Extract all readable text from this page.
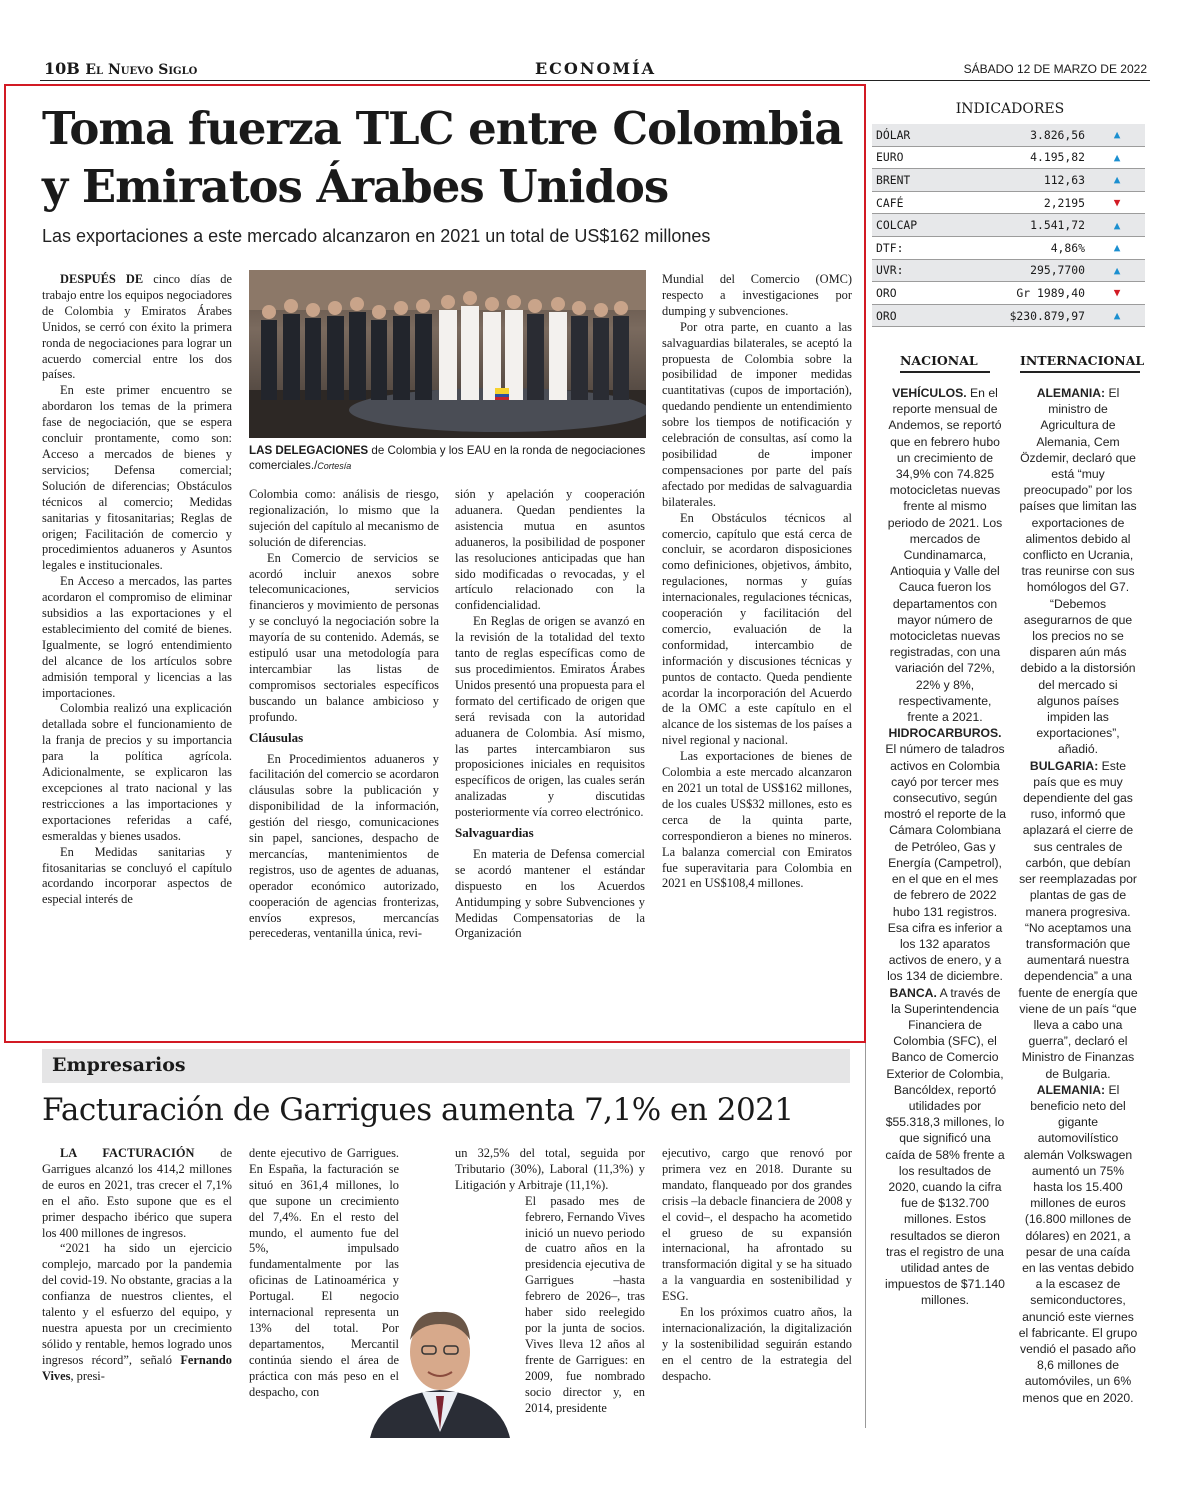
10B El Nuevo Siglo	ECONOMÍA	SÁBADO 12 DE MARZO DE 2022
Toma fuerza TLC entre Colombia
y Emiratos Árabes Unidos
Las exportaciones a este mercado alcanzaron en 2021 un total de US$162 millones

DESPUÉS DE cinco días de trabajo entre los equipos negociadores de Colombia y Emiratos Árabes Unidos, se cerró con éxito la primera ronda de negociaciones para lograr un acuerdo comercial entre los dos países.

En este primer encuentro se abordaron los temas de la primera fase de negociación, que se espera concluir prontamente, como son: Acceso a mercados de bienes y servicios; Defensa comercial; Solución de diferencias; Obstáculos técnicos al comercio; Medidas sanitarias y fitosanitarias; Reglas de origen; Facilitación de comercio y procedimientos aduaneros y Asuntos legales e institucionales.

En Acceso a mercados, las partes acordaron el compromiso de eliminar subsidios a las exportaciones y el establecimiento del comité de bienes. Igualmente, se logró entendimiento del alcance de los artículos sobre admisión temporal y licencias a las importaciones.

Colombia realizó una explicación detallada sobre el funcionamiento de la franja de precios y su importancia para la política agrícola. Adicionalmente, se explicaron las excepciones al trato nacional y las restricciones a las importaciones y exportaciones referidas a café, esmeraldas y bienes usados.

En Medidas sanitarias y fitosanitarias se concluyó el capítulo acordando incorporar aspectos de especial interés de

LAS DELEGACIONES de Colombia y los EAU en la ronda de negociaciones comerciales./Cortesía

Colombia como: análisis de riesgo, regionalización, lo mismo que la sujeción del capítulo al mecanismo de solución de diferencias.

En Comercio de servicios se acordó incluir anexos sobre telecomunicaciones, servicios financieros y movimiento de personas y se concluyó la negociación sobre la mayoría de su contenido. Además, se estipuló usar una metodología para intercambiar las listas de compromisos sectoriales específicos buscando un balance ambicioso y profundo.

Cláusulas

En Procedimientos aduaneros y facilitación del comercio se acordaron cláusulas sobre la publicación y disponibilidad de la información, gestión del riesgo, comunicaciones sin papel, sanciones, despacho de mercancías, mantenimientos de registros, uso de agentes de aduanas, operador económico autorizado, cooperación de agencias fronterizas, envíos expresos, mercancías perecederas, ventanilla única, revi-

sión y apelación y cooperación aduanera. Quedan pendientes la asistencia mutua en asuntos aduaneros, la posibilidad de posponer las resoluciones anticipadas que han sido modificadas o revocadas, y el artículo relacionado con la confidencialidad.

En Reglas de origen se avanzó en la revisión de la totalidad del texto tanto de reglas específicas como de sus procedimientos. Emiratos Árabes Unidos presentó una propuesta para el formato del certificado de origen que será revisada con la autoridad aduanera de Colombia. Así mismo, las partes intercambiaron sus proposiciones iniciales en requisitos específicos de origen, las cuales serán analizadas y discutidas posteriormente vía correo electrónico.

Salvaguardias

En materia de Defensa comercial se acordó mantener el estándar dispuesto en los Acuerdos Antidumping y sobre Subvenciones y Medidas Compensatorias de la Organización

Mundial del Comercio (OMC) respecto a investigaciones por dumping y subvenciones.

Por otra parte, en cuanto a las salvaguardias bilaterales, se aceptó la propuesta de Colombia sobre la posibilidad de imponer medidas cuantitativas (cupos de importación), quedando pendiente un entendimiento sobre los tiempos de notificación y celebración de consultas, así como la posibilidad de imponer compensaciones por parte del país afectado por medidas de salvaguardia bilaterales.

En Obstáculos técnicos al comercio, capítulo que está cerca de concluir, se acordaron disposiciones como definiciones, objetivos, ámbito, regulaciones, normas y guías internacionales, regulaciones técnicas, cooperación y facilitación del comercio, evaluación de la conformidad, intercambio de información y discusiones técnicas y puntos de contacto. Queda pendiente acordar la incorporación del Acuerdo de la OMC a este capítulo en el alcance de los sistemas de los países a nivel regional y nacional.

Las exportaciones de bienes de Colombia a este mercado alcanzaron en 2021 un total de US$162 millones, de los cuales US$32 millones, esto es cerca de la quinta parte, correspondieron a bienes no mineros. La balanza comercial con Emiratos fue superavitaria para Colombia en 2021 en US$108,4 millones.

INDICADORES
DÓLAR	3.826,56	▲
EURO	4.195,82	▲
BRENT	112,63	▲
CAFÉ	2,2195	▼
COLCAP	1.541,72	▲
DTF:	4,86%	▲
UVR:	295,7700	▲
ORO	Gr 1989,40	▼
ORO	$230.879,97	▲
NACIONAL	INTERNACIONAL

VEHÍCULOS. En el reporte mensual de Andemos, se reportó que en febrero hubo un crecimiento de 34,9% con 74.825 motocicletas nuevas frente al mismo periodo de 2021. Los mercados de Cundinamarca, Antioquia y Valle del Cauca fueron los departamentos con mayor número de motocicletas nuevas registradas, con una variación del 72%, 22% y 8%, respectivamente, frente a 2021.

HIDROCARBUROS. El número de taladros activos en Colombia cayó por tercer mes consecutivo, según mostró el reporte de la Cámara Colombiana de Petróleo, Gas y Energía (Campetrol), en el que en el mes de febrero de 2022 hubo 131 registros. Esa cifra es inferior a los 132 aparatos activos de enero, y a los 134 de diciembre.

BANCA. A través de la Superintendencia Financiera de Colombia (SFC), el Banco de Comercio Exterior de Colombia, Bancóldex, reportó utilidades por $55.318,3 millones, lo que significó una caída de 58% frente a los resultados de 2020, cuando la cifra fue de $132.700 millones. Estos resultados se dieron tras el registro de una utilidad antes de impuestos de $71.140 millones.

ALEMANIA: El ministro de Agricultura de Alemania, Cem Özdemir, declaró que está “muy preocupado” por los países que limitan las exportaciones de alimentos debido al conflicto en Ucrania, tras reunirse con sus homólogos del G7. “Debemos asegurarnos de que los precios no se disparen aún más debido a la distorsión del mercado si algunos países impiden las exportaciones”, añadió.

BULGARIA: Este país que es muy dependiente del gas ruso, informó que aplazará el cierre de sus centrales de carbón, que debían ser reemplazadas por plantas de gas de manera progresiva. “No aceptamos una transformación que aumentará nuestra dependencia” a una fuente de energía que viene de un país “que lleva a cabo una guerra”, declaró el Ministro de Finanzas de Bulgaria.

ALEMANIA: El beneficio neto del gigante automovilístico alemán Volkswagen aumentó un 75% hasta los 15.400 millones de euros (16.800 millones de dólares) en 2021, a pesar de una caída en las ventas debido a la escasez de semiconductores, anunció este viernes el fabricante. El grupo vendió el pasado año 8,6 millones de automóviles, un 6% menos que en 2020.

Empresarios
Facturación de Garrigues aumenta 7,1% en 2021

LA FACTURACIÓN de Garrigues alcanzó los 414,2 millones de euros en 2021, tras crecer el 7,1% en el año. Esto supone que es el primer despacho ibérico que supera los 400 millones de ingresos.

“2021 ha sido un ejercicio complejo, marcado por la pandemia del covid-19. No obstante, gracias a la confianza de nuestros clientes, el talento y el esfuerzo del equipo, y nuestra apuesta por un crecimiento sólido y rentable, hemos logrado unos ingresos récord”, señaló Fernando Vives, presi-

dente ejecutivo de Garrigues. En España, la facturación se situó en 361,4 millones, lo que supone un crecimiento del 7,4%. En el resto del mundo, el aumento fue del 5%, impulsado fundamentalmente por las oficinas de Latinoamérica y Portugal. El negocio internacional representa un 13% del total. Por departamentos, Mercantil continúa siendo el área de práctica con más peso en el despacho, con

un 32,5% del total, seguida por Tributario (30%), Laboral (11,3%) y Litigación y Arbitraje (11,1%).

El pasado mes de febrero, Fernando Vives inició un nuevo periodo de cuatro años en la presidencia ejecutiva de Garrigues –hasta febrero de 2026–, tras haber sido reelegido por la junta de socios. Vives lleva 12 años al frente de Garrigues: en 2009, fue nombrado socio director y, en 2014, presidente

ejecutivo, cargo que renovó por primera vez en 2018. Durante su mandato, flanqueado por dos grandes crisis –la debacle financiera de 2008 y el covid–, el despacho ha acometido el grueso de su expansión internacional, ha afrontado su transformación digital y se ha situado a la vanguardia en sostenibilidad y ESG.

En los próximos cuatro años, la internacionalización, la digitalización y la sostenibilidad seguirán estando en el centro de la estrategia del despacho.
